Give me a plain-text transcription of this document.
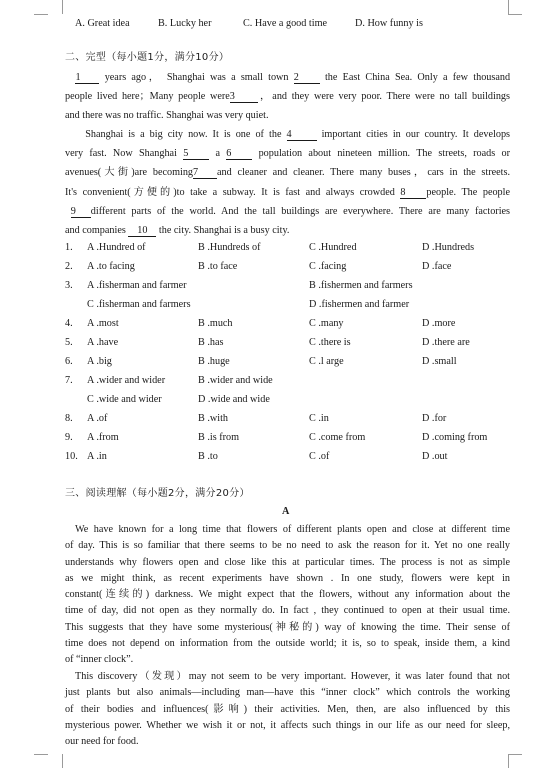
A. Great idea	B. Lucky her	C. Have a good time	D. How funny is
二、完型（每小题1分，满分10分）
1 years ago， Shanghai was a small town 2	the East China Sea. Only a few thousand
people lived here；Many people were3 ，and they were very poor. There were no tall buildings
and there was no traffic. Shanghai was very quiet.
Shanghai is a big city now. It is one of the 4	important cities in our country. It develops
very fast. Now Shanghai 5	a 6	population about nineteen million. The streets, roads or
avenues(大街)are becoming7 and cleaner and cleaner. There many buses，cars in the streets.
It's convenient(方便的)to take a subway. It is fast and always crowded 8 people. The people
9 different parts of the world. And the tall buildings are everywhere. There are many factories
and companies 10 the city. Shanghai is a busy city.
1. A .Hundred of	B .Hundreds of	C .Hundred	D .Hundreds
2. A .to facing	B .to face	C .facing	D .face
3. A .fisherman and farmer	B .fishermen and farmers
C .fisherman and farmers	D .fishermen and farmer
4. A .most	B .much	C .many	D .more
5. A .have	B .has	C .there is	D .there are
6. A .big	B .huge	C .l arge	D .small
7. A .wider and wider	B .wider and wide
C .wide and wider	D .wide and wide
8. A .of	B .with	C .in	D .for
9. A .from	B .is from	C .come from	D .coming from
10. A .in	B .to	C .of	D .out
三、阅读理解（每小题2分，满分20分）
A
We have known for a long time that flowers of different plants open and close at different time
of day. This is so familiar that there seems to be no need to ask the reason for it. Yet no one really
understands why flowers open and close like this at particular times. The process is not as simple
as we might think, as recent experiments have shown . In one study, flowers were kept in
constant(连续的) darkness. We might expect that the flowers, without any information about the
time of day, did not open as they normally do. In fact , they continued to open at their usual time.
This suggests that they have some mysterious(神秘的) way of knowing the time. Their sense of
time does not depend on information from the outside world; it is, so to speak, inside them, a kind
of “inner clock”.
This discovery（发现）may not seem to be very important. However, it was later found that not
just plants but also animals—including man—have this “inner clock” which controls the working
of their bodies and influences(影响) their activities. Men, then, are also influenced by this
mysterious power. Whether we wish it or not, it affects such things in our life as our need for sleep,
our need for food.
